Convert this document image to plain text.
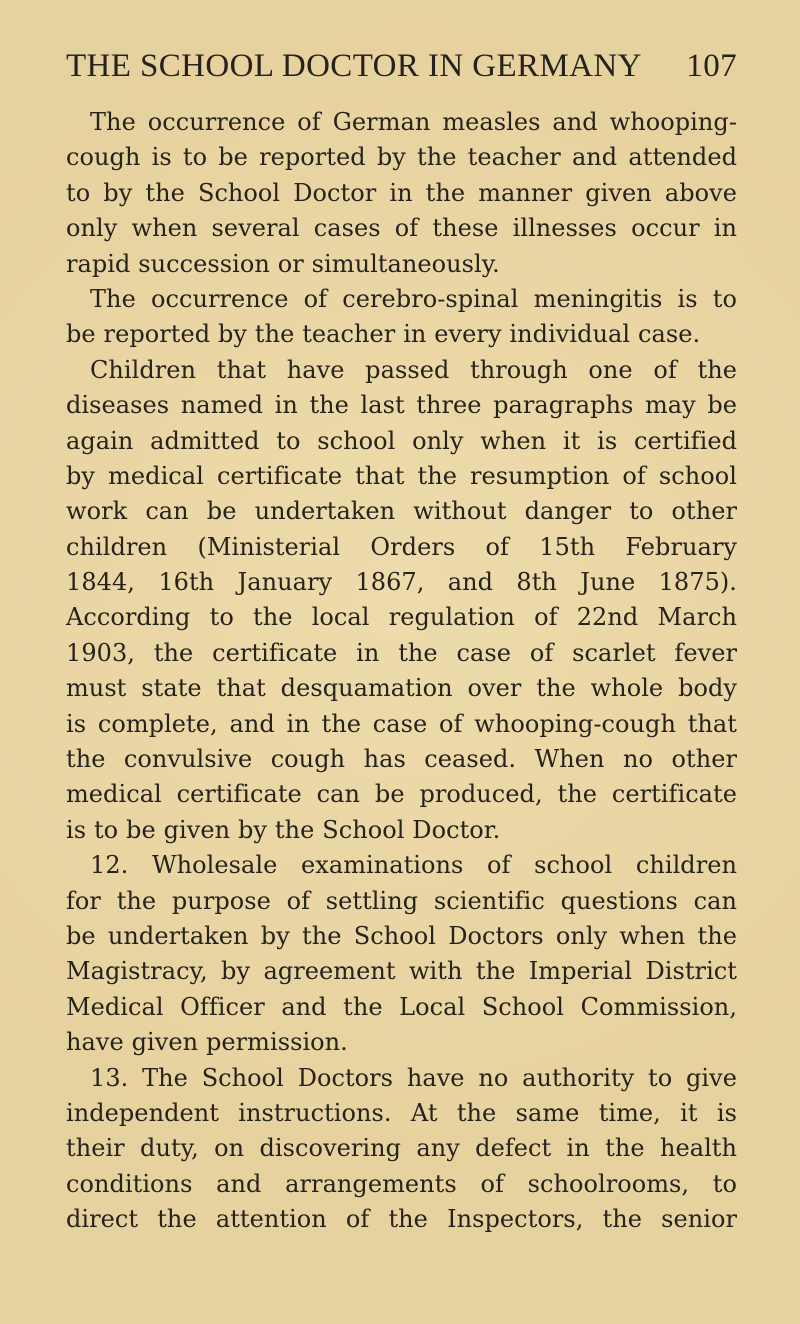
THE SCHOOL DOCTOR IN GERMANY 107
The occurrence of German measles and whooping-
cough is to be reported by the teacher and attended
to by the School Doctor in the manner given above
only when several cases of these illnesses occur in
rapid succession or simultaneously.
The occurrence of cerebro-spinal meningitis is to
be reported by the teacher in every individual case.
Children that have passed through one of the
diseases named in the last three paragraphs may be
again admitted to school only when it is certified
by medical certificate that the resumption of school
work can be undertaken without danger to other
children (Ministerial Orders of 15th February
1844, 16th January 1867, and 8th June 1875).
According to the local regulation of 22nd March
1903, the certificate in the case of scarlet fever
must state that desquamation over the whole body
is complete, and in the case of whooping-cough that
the convulsive cough has ceased. When no other
medical certificate can be produced, the certificate
is to be given by the School Doctor.
12. Wholesale examinations of school children
for the purpose of settling scientific questions can
be undertaken by the School Doctors only when the
Magistracy, by agreement with the Imperial District
Medical Officer and the Local School Commission,
have given permission.
13. The School Doctors have no authority to give
independent instructions. At the same time, it is
their duty, on discovering any defect in the health
conditions and arrangements of schoolrooms, to
direct the attention of the Inspectors, the senior
